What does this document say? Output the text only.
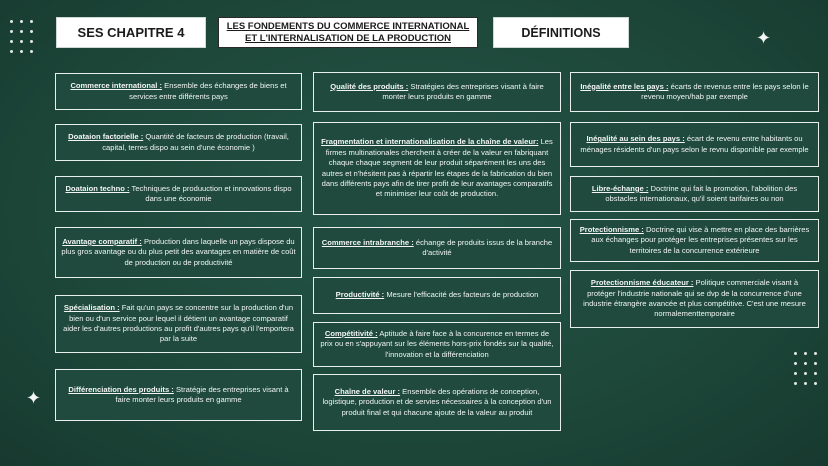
✦
✦
SES CHAPITRE 4	LES FONDEMENTS DU COMMERCE INTERNATIONAL
ET L'INTERNALISATION DE LA PRODUCTION	DÉFINITIONS
Commerce international : Ensemble des échanges de biens et services entre différents pays
Doataion factorielle : Quantité de facteurs de production (travail, capital, terres dispo au sein d'une économie )
Doataion techno : Techniques de produuction et innovations dispo dans une économie
Avantage comparatif : Production dans laquelle un pays dispose du plus gros avantage ou du plus petit des avantages en matière de coût de production ou de productivité
Spécialisation : Fait qu'un pays se concentre sur la production d'un bien ou d'un service pour lequel il détient un avantage comparatif aider les d'autres productions au profit d'autres pays qu'il l'emportera par la suite
Différenciation des produits : Stratégie des entreprises visant à faire monter leurs produits en gamme
Qualité des produits : Stratégies des entreprises visant à faire monter leurs produits en gamme
Fragmentation et internationalisation de la chaîne de valeur: Les firmes multinationales cherchent à créer de la valeur en fabriquant chaque chaque segment de leur produit séparément les uns des autres et n'hésitent pas à répartir les étapes de la fabrication du bien dans différents pays afin de tirer profit de leur avantages comparatifs et minimiser leur coût de production.
Commerce intrabranche : échange de produits issus de la branche d'activité
Productivité : Mesure l'efficacité des facteurs de production
Compétitivité : Aptitude à faire face à la concurence en termes de prix ou en s'appuyant sur les éléments hors-prix fondés sur la qualité, l'innovation et la différenciation
Chaîne de valeur : Ensemble des opérations de conception, logistique, production et de servies nécessaires à la conception d'un produit final et qui chacune ajoute de la valeur au produit
Inégalité entre les pays : écarts de revenus entre les pays selon le revenu moyen/hab par exemple
Inégalité au sein des pays : écart de revenu entre habitants ou ménages résidents d'un pays selon le revnu disponible par exemple
Libre-échange : Doctrine qui fait la promotion, l'abolition des obstacles internationaux, qu'il soient tarifaires ou non
Protectionnisme : Doctrine qui vise à mettre en place des barrières aux échanges pour protéger les entreprises présentes sur les territoires de la concurrence extérieure
Protectionnisme éducateur : Politique commerciale visant à protéger l'industrie nationale qui se dvp de la concurrence d'une industrie étrangère avancée et plus compétitive. C'est une mesure normalementtemporaire
